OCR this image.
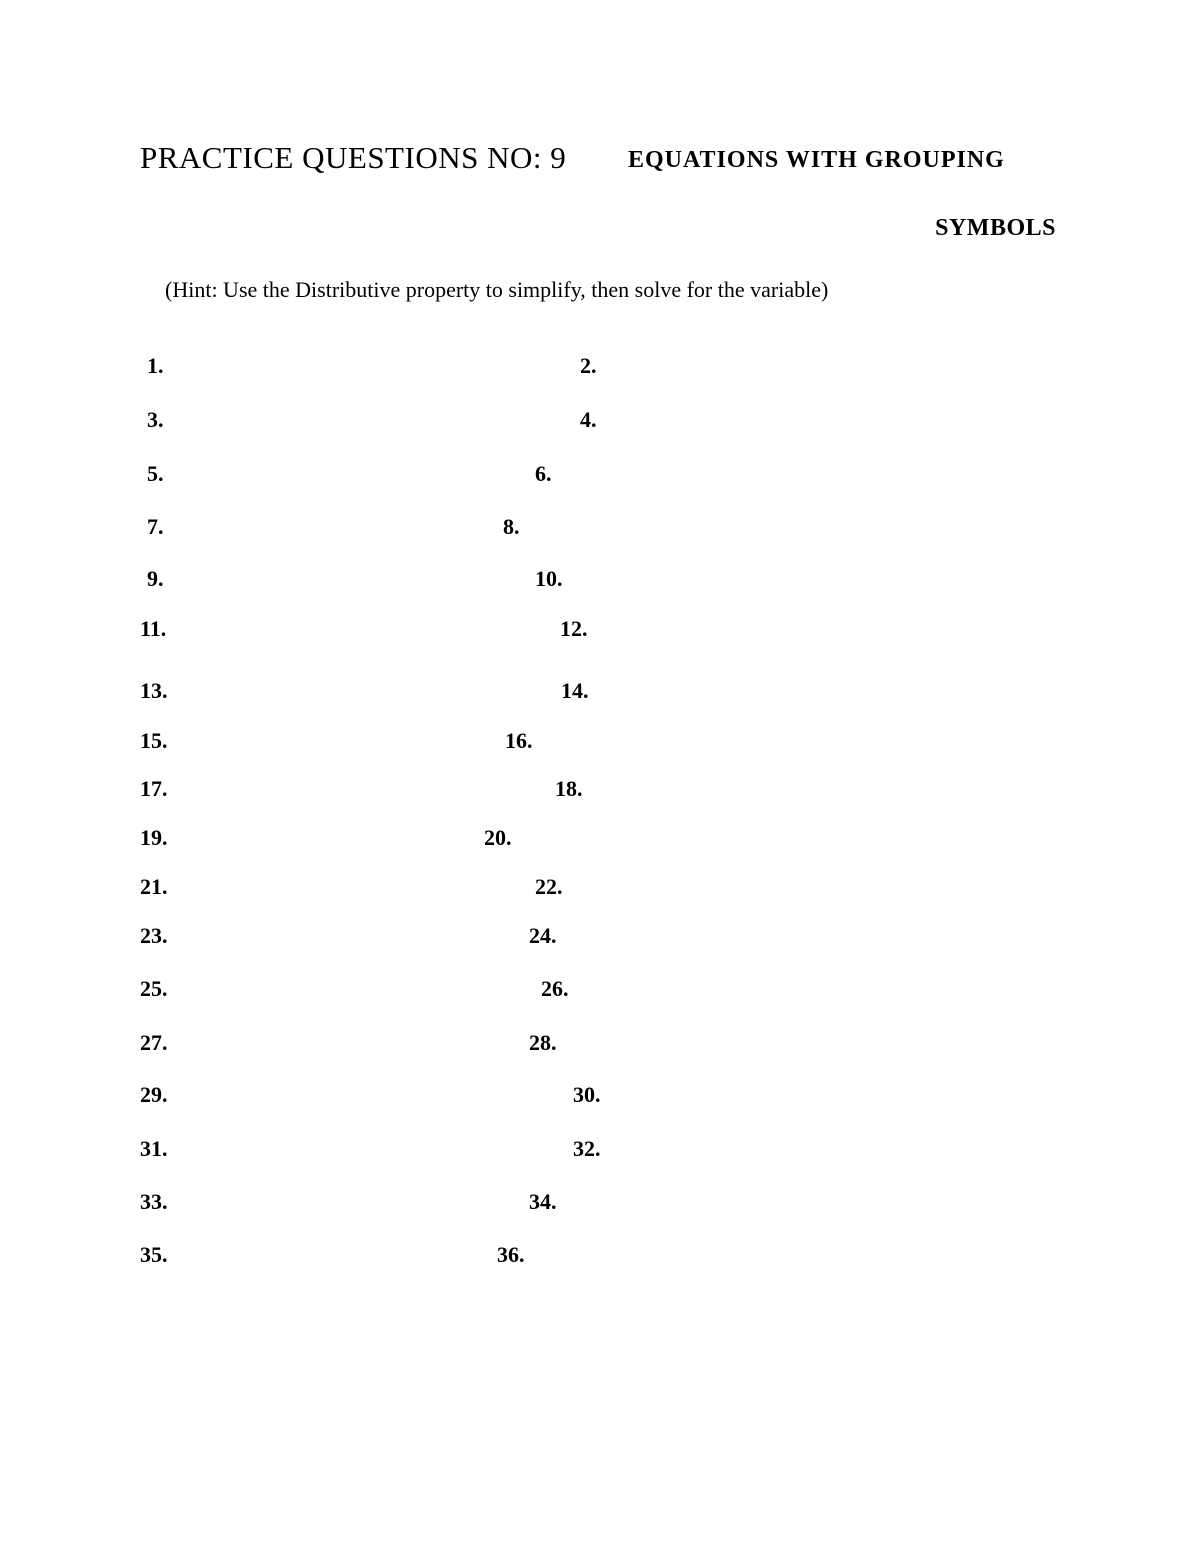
PRACTICE QUESTIONS NO: 9	EQUATIONS WITH GROUPING
SYMBOLS
(Hint: Use the Distributive property to simplify, then solve for the variable)
1.	2.
3.	4.
5.	6.
7.	8.
9.	10.
11.	12.
13.	14.
15.	16.
17.	18.
19.	20.
21.	22.
23.	24.
25.	26.
27.	28.
29.	30.
31.	32.
33.	34.
35.	36.
